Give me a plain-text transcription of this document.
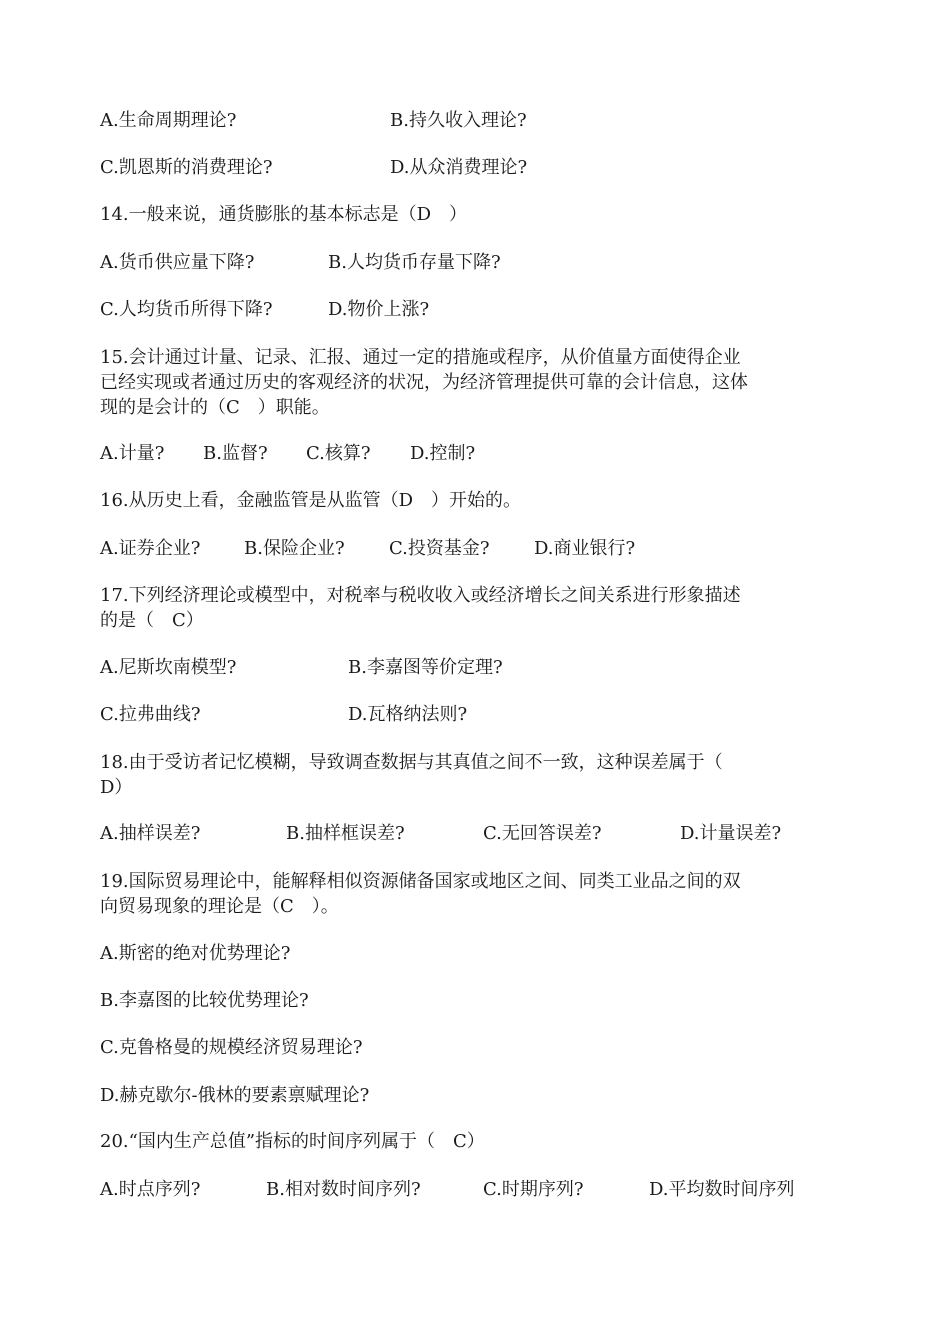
A.生命周期理论?	B.持久收入理论?
C.凯恩斯的消费理论?	D.从众消费理论?
14.一般来说，通货膨胀的基本标志是（D　）
A.货币供应量下降?	B.人均货币存量下降?
C.人均货币所得下降?	D.物价上涨?
15.会计通过计量、记录、汇报、通过一定的措施或程序，从价值量方面使得企业
已经实现或者通过历史的客观经济的状况，为经济管理提供可靠的会计信息，这体
现的是会计的（C　）职能。
A.计量? B.监督? C.核算? D.控制?
16.从历史上看，金融监管是从监管（D　）开始的。
A.证券企业? B.保险企业? C.投资基金? D.商业银行?
17.下列经济理论或模型中，对税率与税收收入或经济增长之间关系进行形象描述
的是（　C）
A.尼斯坎南模型?	B.李嘉图等价定理?
C.拉弗曲线?	D.瓦格纳法则?
18.由于受访者记忆模糊，导致调查数据与其真值之间不一致，这种误差属于（
D）
A.抽样误差?	B.抽样框误差?	C.无回答误差?	D.计量误差?
19.国际贸易理论中，能解释相似资源储备国家或地区之间、同类工业品之间的双
向贸易现象的理论是（C　）。
A.斯密的绝对优势理论?
B.李嘉图的比较优势理论?
C.克鲁格曼的规模经济贸易理论?
D.赫克歇尔-俄林的要素禀赋理论?
20.“国内生产总值”指标的时间序列属于（　C）
A.时点序列?	B.相对数时间序列?	C.时期序列?	D.平均数时间序列
